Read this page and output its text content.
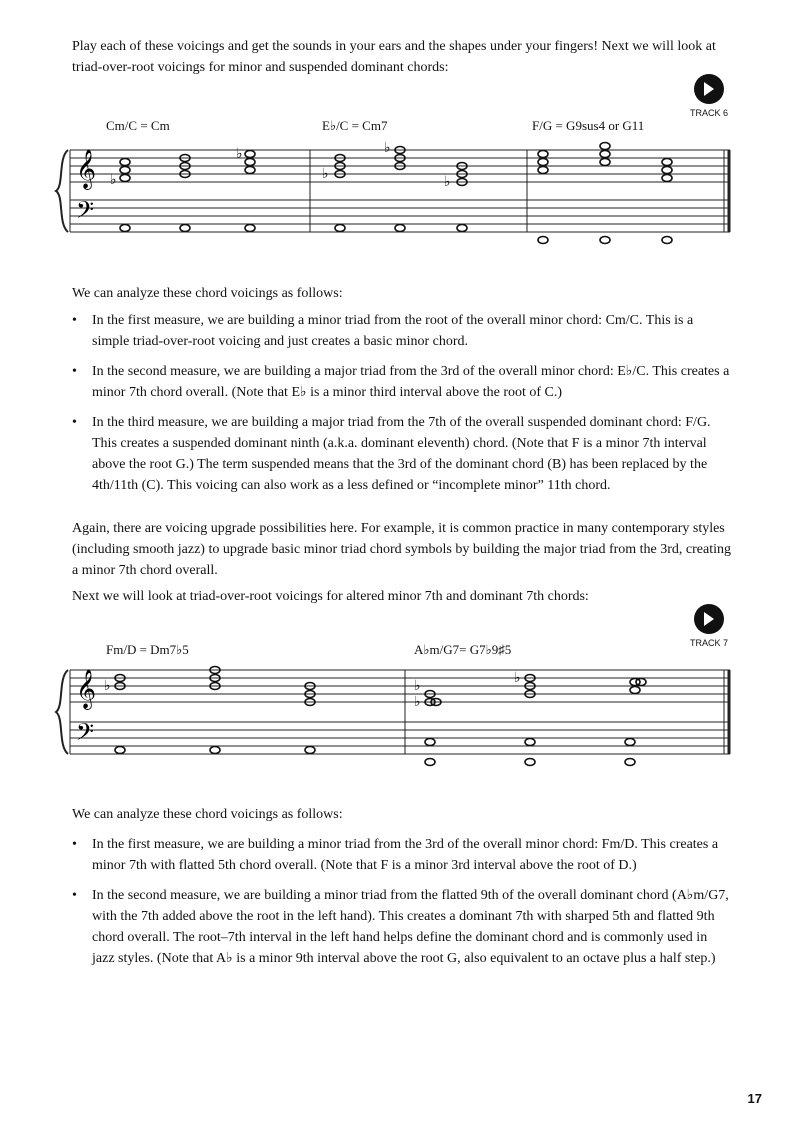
Play each of these voicings and get the sounds in your ears and the shapes under your fingers! Next we will look at triad-over-root voicings for minor and suspended dominant chords:

TRACK 6
Cm/C = Cm	E♭/C = Cm7	F/G = G9sus4 or G11
𝄞
𝄢
♭
♭
♭
♭
♭

We can analyze these chord voicings as follows:

• In the first measure, we are building a minor triad from the root of the overall minor chord: Cm/C. This is a simple triad-over-root voicing and just creates a basic minor chord.
• In the second measure, we are building a major triad from the 3rd of the overall minor chord: E♭/C. This creates a minor 7th chord overall. (Note that E♭ is a minor third interval above the root of C.)
• In the third measure, we are building a major triad from the 7th of the overall suspended dominant chord: F/G. This creates a suspended dominant ninth (a.k.a. dominant eleventh) chord. (Note that F is a minor 7th interval above the root G.) The term suspended means that the 3rd of the dominant chord (B) has been replaced by the 4th/11th (C). This voicing can also work as a less defined or “incomplete minor” 11th chord.

Again, there are voicing upgrade possibilities here. For example, it is common practice in many contemporary styles (including smooth jazz) to upgrade basic minor triad chord symbols by building the major triad from the 3rd, creating a minor 7th chord overall.

Next we will look at triad-over-root voicings for altered minor 7th and dominant 7th chords:

TRACK 7
Fm/D = Dm7♭5	A♭m/G7= G7♭9♯5
𝄞
𝄢
♭
♭
♭
♭

We can analyze these chord voicings as follows:

• In the first measure, we are building a minor triad from the 3rd of the overall minor chord: Fm/D. This creates a minor 7th with flatted 5th chord overall. (Note that F is a minor 3rd interval above the root of D.)
• In the second measure, we are building a minor triad from the flatted 9th of the overall dominant chord (A♭m/G7, with the 7th added above the root in the left hand). This creates a dominant 7th with sharped 5th and flatted 9th chord overall. The root–7th interval in the left hand helps define the dominant chord and is commonly used in jazz styles. (Note that A♭ is a minor 9th interval above the root G, also equivalent to an octave plus a half step.)
17
